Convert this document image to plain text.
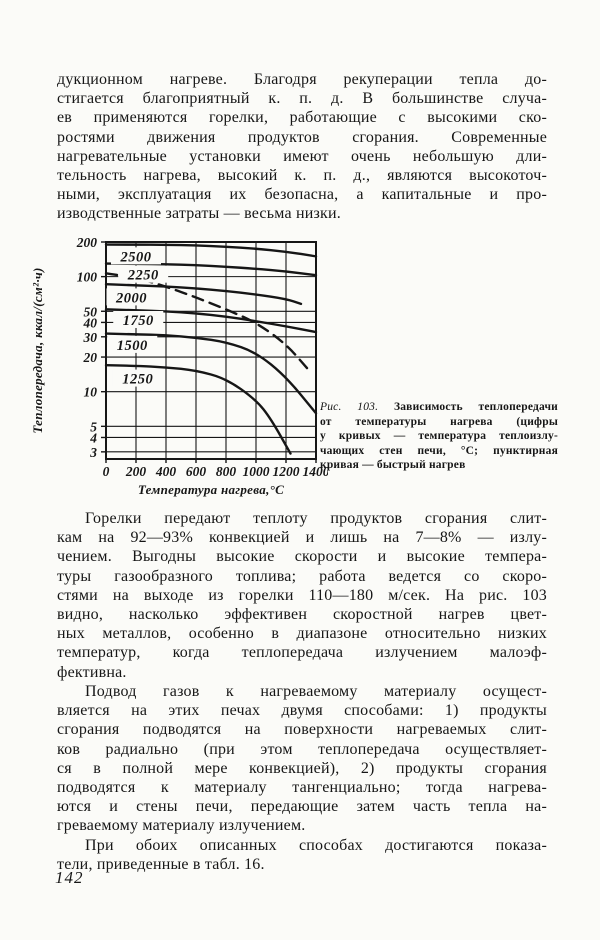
дукционном нагреве. Благодря рекуперации тепла до-
стигается благоприятный к. п. д. В большинстве случа-
ев применяются горелки, работающие с высокими ско-
ростями движения продуктов сгорания. Современные
нагревательные установки имеют очень небольшую дли-
тельность нагрева, высокий к. п. д., являются высокоточ-
ными, эксплуатация их безопасна, а капитальные и про-
изводственные затраты — весьма низки.
2500
2250
2000
1750
1500
1250
200
100
50
40
30
20
10
5
4
3
0 200 400 600 800 1000 1200 1400
Температура нагрева,°С
Теплопередача, ккал/(см²·ч)	Рис. 103. Зависимость теплопередачи
от температуры нагрева (цифры
у кривых — температура теплоизлу-
чающих стен печи, °С; пунктирная
кривая — быстрый нагрев
Горелки передают теплоту продуктов сгорания слит-
кам на 92—93% конвекцией и лишь на 7—8% — излу-
чением. Выгодны высокие скорости и высокие темпера-
туры газообразного топлива; работа ведется со скоро-
стями на выходе из горелки 110—180 м/сек. На рис. 103
видно, насколько эффективен скоростной нагрев цвет-
ных металлов, особенно в диапазоне относительно низких
температур, когда теплопередача излучением малоэф-
фективна.
Подвод газов к нагреваемому материалу осущест-
вляется на этих печах двумя способами: 1) продукты
сгорания подводятся на поверхности нагреваемых слит-
ков радиально (при этом теплопередача осуществляет-
ся в полной мере конвекцией), 2) продукты сгорания
подводятся к материалу тангенциально; тогда нагрева-
ются и стены печи, передающие затем часть тепла на-
греваемому материалу излучением.
При обоих описанных способах достигаются показа-
тели, приведенные в табл. 16.
142
